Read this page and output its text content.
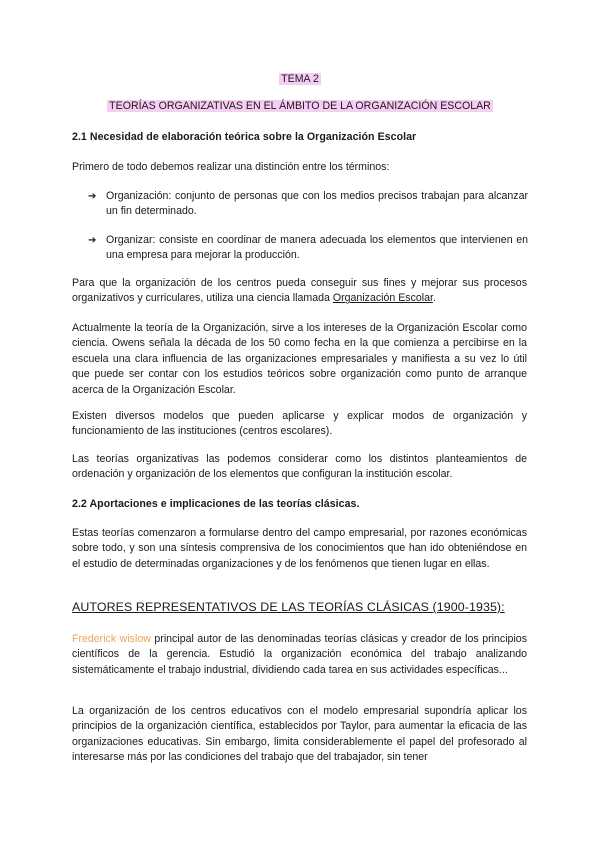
TEMA 2
TEORÍAS ORGANIZATIVAS EN EL ÁMBITO DE LA ORGANIZACIÓN ESCOLAR
2.1 Necesidad de elaboración teórica sobre la Organización Escolar

Primero de todo debemos realizar una distinción entre los términos:

➔ Organización: conjunto de personas que con los medios precisos trabajan para alcanzar un fin determinado.
➔ Organizar: consiste en coordinar de manera adecuada los elementos que intervienen en una empresa para mejorar la producción.

Para que la organización de los centros pueda conseguir sus fines y mejorar sus procesos organizativos y curriculares, utiliza una ciencia llamada Organización Escolar.

Actualmente la teoría de la Organización, sirve a los intereses de la Organización Escolar como ciencia. Owens señala la década de los 50 como fecha en la que comienza a percibirse en la escuela una clara influencia de las organizaciones empresariales y manifiesta a su vez lo útil que puede ser contar con los estudios teóricos sobre organización como punto de arranque acerca de la Organización Escolar.

Existen diversos modelos que pueden aplicarse y explicar modos de organización y funcionamiento de las instituciones (centros escolares).

Las teorías organizativas las podemos considerar como los distintos planteamientos de ordenación y organización de los elementos que configuran la institución escolar.

2.2 Aportaciones e implicaciones de las teorías clásicas.

Estas teorías comenzaron a formularse dentro del campo empresarial, por razones económicas sobre todo, y son una síntesis comprensiva de los conocimientos que han ido obteniéndose en el estudio de determinadas organizaciones y de los fenómenos que tienen lugar en ellas.

AUTORES REPRESENTATIVOS DE LAS TEORÍAS CLÁSICAS (1900-1935):

Frederick wislow principal autor de las denominadas teorías clásicas y creador de los principios científicos de la gerencia. Estudió la organización económica del trabajo analizando sistemáticamente el trabajo industrial, dividiendo cada tarea en sus actividades específicas...

La organización de los centros educativos con el modelo empresarial supondría aplicar los principios de la organización científica, establecidos por Taylor, para aumentar la eficacia de las organizaciones educativas. Sin embargo, limita considerablemente el papel del profesorado al interesarse más por las condiciones del trabajo que del trabajador, sin tener
